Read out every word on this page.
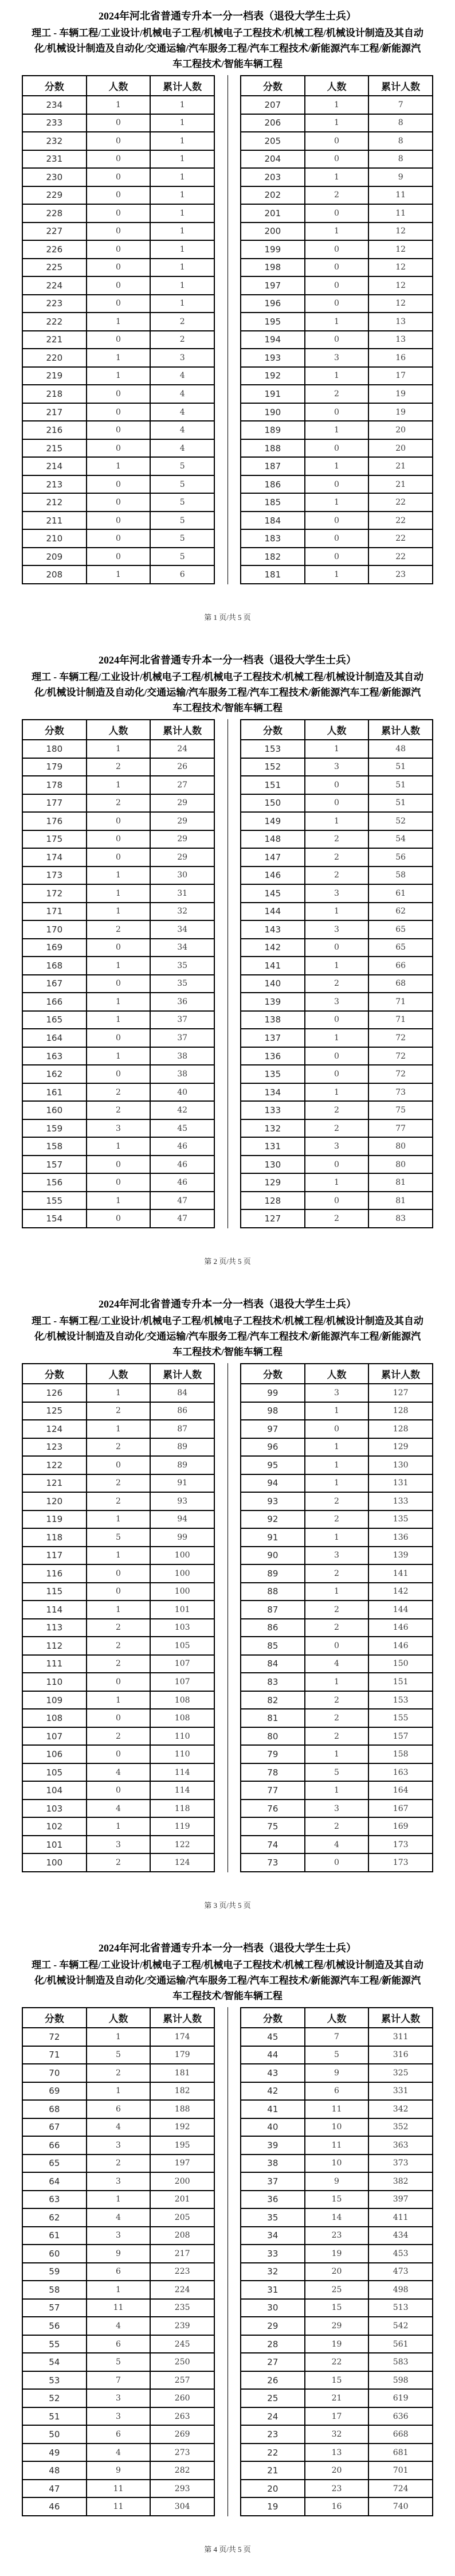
2024年河北省普通专升本一分一档表（退役大学生士兵）

理工 - 车辆工程/工业设计/机械电子工程/机械电子工程技术/机械工程/机械设计制造及其自动化/机械设计制造及自动化/交通运输/汽车服务工程/汽车工程技术/新能源汽车工程/新能源汽车工程技术/智能车辆工程

分数	人数	累计人数
234	1	1
233	0	1
232	0	1
231	0	1
230	0	1
229	0	1
228	0	1
227	0	1
226	0	1
225	0	1
224	0	1
223	0	1
222	1	2
221	0	2
220	1	3
219	1	4
218	0	4
217	0	4
216	0	4
215	0	4
214	1	5
213	0	5
212	0	5
211	0	5
210	0	5
209	0	5
208	1	6
分数	人数	累计人数
207	1	7
206	1	8
205	0	8
204	0	8
203	1	9
202	2	11
201	0	11
200	1	12
199	0	12
198	0	12
197	0	12
196	0	12
195	1	13
194	0	13
193	3	16
192	1	17
191	2	19
190	0	19
189	1	20
188	0	20
187	1	21
186	0	21
185	1	22
184	0	22
183	0	22
182	0	22
181	1	23
第 1 页/共 5 页
2024年河北省普通专升本一分一档表（退役大学生士兵）

理工 - 车辆工程/工业设计/机械电子工程/机械电子工程技术/机械工程/机械设计制造及其自动化/机械设计制造及自动化/交通运输/汽车服务工程/汽车工程技术/新能源汽车工程/新能源汽车工程技术/智能车辆工程

分数	人数	累计人数
180	1	24
179	2	26
178	1	27
177	2	29
176	0	29
175	0	29
174	0	29
173	1	30
172	1	31
171	1	32
170	2	34
169	0	34
168	1	35
167	0	35
166	1	36
165	1	37
164	0	37
163	1	38
162	0	38
161	2	40
160	2	42
159	3	45
158	1	46
157	0	46
156	0	46
155	1	47
154	0	47
分数	人数	累计人数
153	1	48
152	3	51
151	0	51
150	0	51
149	1	52
148	2	54
147	2	56
146	2	58
145	3	61
144	1	62
143	3	65
142	0	65
141	1	66
140	2	68
139	3	71
138	0	71
137	1	72
136	0	72
135	0	72
134	1	73
133	2	75
132	2	77
131	3	80
130	0	80
129	1	81
128	0	81
127	2	83
第 2 页/共 5 页
2024年河北省普通专升本一分一档表（退役大学生士兵）

理工 - 车辆工程/工业设计/机械电子工程/机械电子工程技术/机械工程/机械设计制造及其自动化/机械设计制造及自动化/交通运输/汽车服务工程/汽车工程技术/新能源汽车工程/新能源汽车工程技术/智能车辆工程

分数	人数	累计人数
126	1	84
125	2	86
124	1	87
123	2	89
122	0	89
121	2	91
120	2	93
119	1	94
118	5	99
117	1	100
116	0	100
115	0	100
114	1	101
113	2	103
112	2	105
111	2	107
110	0	107
109	1	108
108	0	108
107	2	110
106	0	110
105	4	114
104	0	114
103	4	118
102	1	119
101	3	122
100	2	124
分数	人数	累计人数
99	3	127
98	1	128
97	0	128
96	1	129
95	1	130
94	1	131
93	2	133
92	2	135
91	1	136
90	3	139
89	2	141
88	1	142
87	2	144
86	2	146
85	0	146
84	4	150
83	1	151
82	2	153
81	2	155
80	2	157
79	1	158
78	5	163
77	1	164
76	3	167
75	2	169
74	4	173
73	0	173
第 3 页/共 5 页
2024年河北省普通专升本一分一档表（退役大学生士兵）

理工 - 车辆工程/工业设计/机械电子工程/机械电子工程技术/机械工程/机械设计制造及其自动化/机械设计制造及自动化/交通运输/汽车服务工程/汽车工程技术/新能源汽车工程/新能源汽车工程技术/智能车辆工程

分数	人数	累计人数
72	1	174
71	5	179
70	2	181
69	1	182
68	6	188
67	4	192
66	3	195
65	2	197
64	3	200
63	1	201
62	4	205
61	3	208
60	9	217
59	6	223
58	1	224
57	11	235
56	4	239
55	6	245
54	5	250
53	7	257
52	3	260
51	3	263
50	6	269
49	4	273
48	9	282
47	11	293
46	11	304
分数	人数	累计人数
45	7	311
44	5	316
43	9	325
42	6	331
41	11	342
40	10	352
39	11	363
38	10	373
37	9	382
36	15	397
35	14	411
34	23	434
33	19	453
32	20	473
31	25	498
30	15	513
29	29	542
28	19	561
27	22	583
26	15	598
25	21	619
24	17	636
23	32	668
22	13	681
21	20	701
20	23	724
19	16	740
第 4 页/共 5 页
